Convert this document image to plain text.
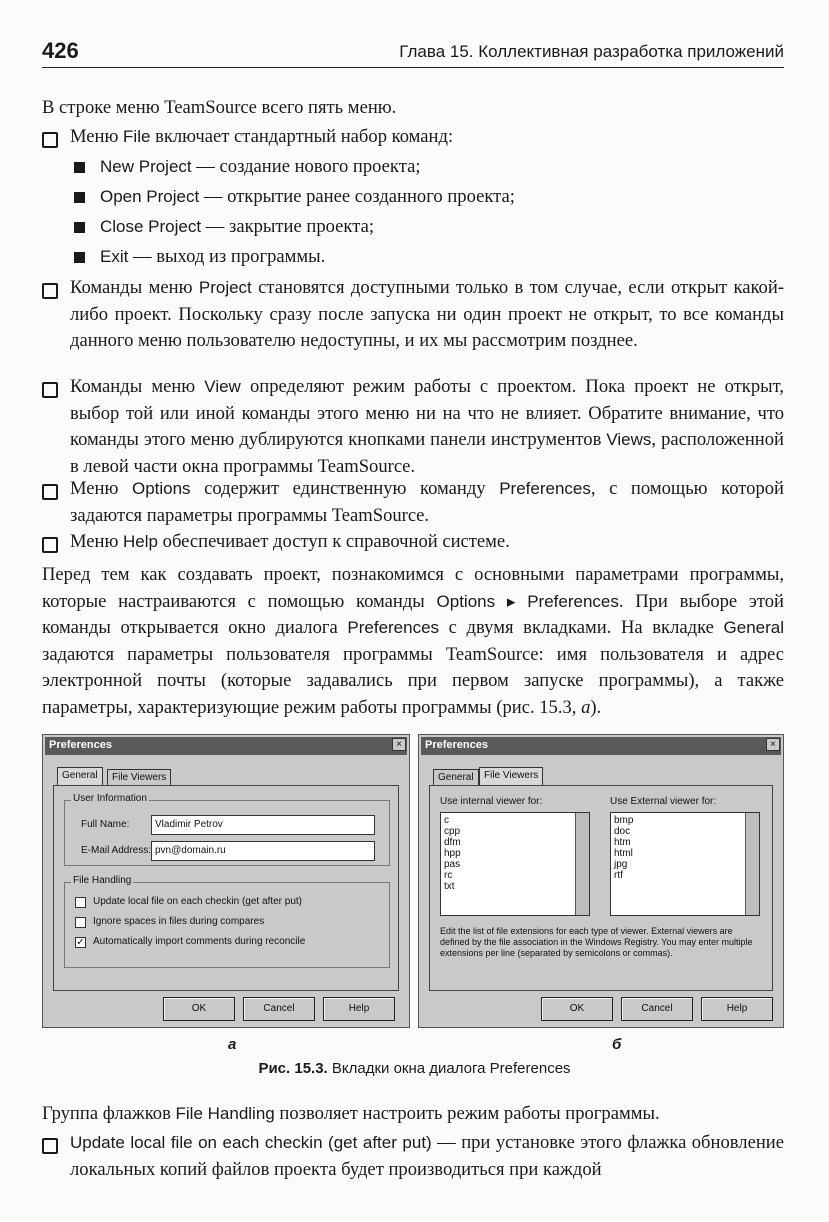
426	Глава 15. Коллективная разработка приложений
В строке меню TeamSource всего пять меню.
Меню File включает стандартный набор команд:
New Project — создание нового проекта;
Open Project — открытие ранее созданного проекта;
Close Project — закрытие проекта;
Exit — выход из программы.
Команды меню Project становятся доступными только в том случае, если открыт какой-либо проект. Поскольку сразу после запуска ни один проект не открыт, то все команды данного меню пользователю недоступны, и их мы рассмотрим позднее.
Команды меню View определяют режим работы с проектом. Пока проект не открыт, выбор той или иной команды этого меню ни на что не влияет. Обратите внимание, что команды этого меню дублируются кнопками панели инструментов Views, расположенной в левой части окна программы TeamSource.
Меню Options содержит единственную команду Preferences, с помощью которой задаются параметры программы TeamSource.
Меню Help обеспечивает доступ к справочной системе.
Перед тем как создавать проект, познакомимся с основными параметрами программы, которые настраиваются с помощью команды Options ▸ Preferences. При выборе этой команды открывается окно диалога Preferences с двумя вкладками. На вкладке General задаются параметры пользователя программы TeamSource: имя пользователя и адрес электронной почты (которые задавались при первом запуске программы), а также параметры, характеризующие режим работы программы (рис. 15.3, а).
Preferences	×
General	File Viewers
User Information
Full Name:	Vladimir Petrov
E-Mail Address: pvn@domain.ru
File Handling
Update local file on each checkin (get after put)
Ignore spaces in files during compares
✓ Automatically import comments during reconcile
OK	Cancel	Help
Preferences	×
General	File Viewers
Use internal viewer for:
c
cpp
dfm
hpp
pas
rc
txt
Use External viewer for:
bmp
doc
htm
html
jpg
rtf
Edit the list of file extensions for each type of viewer. External viewers are defined by the file association in the Windows Registry. You may enter multiple extensions per line (separated by semicolons or commas).
OK	Cancel	Help
а	б
Рис. 15.3. Вкладки окна диалога Preferences
Группа флажков File Handling позволяет настроить режим работы программы.
Update local file on each checkin (get after put) — при установке этого флажка обновление локальных копий файлов проекта будет производиться при каждой
